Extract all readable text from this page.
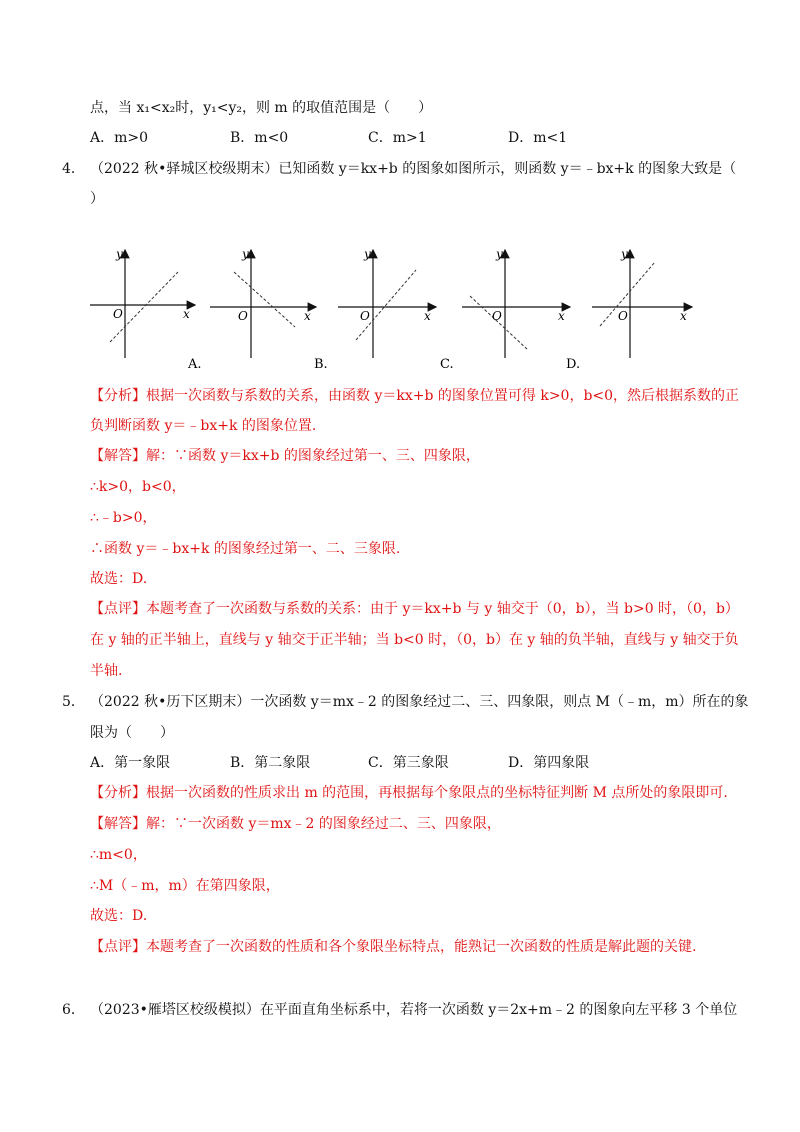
点，当 x₁<x₂时，y₁<y₂，则 m 的取值范围是（　　）
A．m>0	B．m<0	C．m>1	D．m<1
4． （2022 秋•驿城区校级期末）已知函数 y＝kx+b 的图象如图所示，则函数 y＝﹣bx+k 的图象大致是（
）
y
x
O
y
x
O
y
x
O
y
x
O
y
x
O
A.	B.	C.	D.
【分析】根据一次函数与系数的关系，由函数 y＝kx+b 的图象位置可得 k>0，b<0，然后根据系数的正
负判断函数 y＝﹣bx+k 的图象位置.
【解答】解：∵函数 y＝kx+b 的图象经过第一、三、四象限，
∴k>0，b<0，
∴﹣b>0，
∴函数 y＝﹣bx+k 的图象经过第一、二、三象限.
故选：D.
【点评】本题考查了一次函数与系数的关系：由于 y＝kx+b 与 y 轴交于（0，b），当 b>0 时，（0，b）
在 y 轴的正半轴上，直线与 y 轴交于正半轴；当 b<0 时，（0，b）在 y 轴的负半轴，直线与 y 轴交于负
半轴.
5． （2022 秋•历下区期末）一次函数 y＝mx﹣2 的图象经过二、三、四象限，则点 M（﹣m，m）所在的象
限为（　　）
A．第一象限	B．第二象限	C．第三象限	D．第四象限
【分析】根据一次函数的性质求出 m 的范围，再根据每个象限点的坐标特征判断 M 点所处的象限即可.
【解答】解：∵一次函数 y＝mx﹣2 的图象经过二、三、四象限，
∴m<0，
∴M（﹣m，m）在第四象限，
故选：D.
【点评】本题考查了一次函数的性质和各个象限坐标特点，能熟记一次函数的性质是解此题的关键.
6． （2023•雁塔区校级模拟）在平面直角坐标系中，若将一次函数 y＝2x+m﹣2 的图象向左平移 3 个单位
